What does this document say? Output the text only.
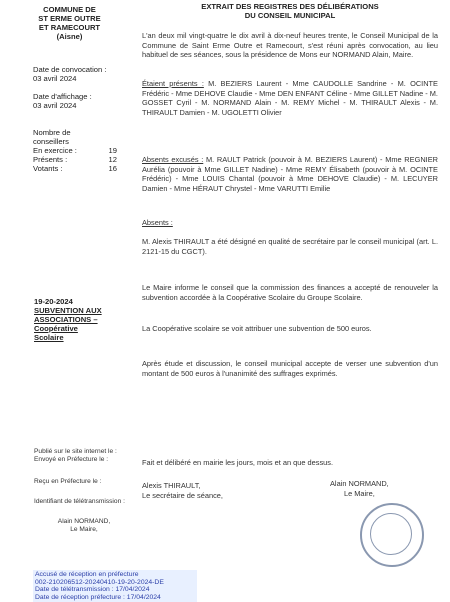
COMMUNE DE
ST ERME OUTRE
ET RAMECOURT
(Aisne)
Date de convocation :
03 avril 2024
Date d'affichage :
03 avril 2024
Nombre de
conseillers
En exercice :	19
Présents :	12
Votants :	16
EXTRAIT DES REGISTRES DES DÉLIBÉRATIONS
DU CONSEIL MUNICIPAL
L'an deux mil vingt-quatre le dix avril à dix-neuf heures trente, le Conseil Municipal de la Commune de Saint Erme Outre et Ramecourt, s'est réuni après convocation, au lieu habituel de ses séances, sous la présidence de Mons eur NORMAND Alain, Maire.
Étaient présents : M. BEZIERS Laurent - Mme CAUDOLLE Sandrine - M. OCINTE Frédéric - Mme DEHOVE Claudie - Mme DEN ENFANT Céline - Mme GILLET Nadine - M. GOSSET Cyril - M. NORMAND Alain - M. REMY Michel - M. THIRAULT Alexis - M. THIRAULT Damien - M. UGOLETTI Olivier
Absents excusés : M. RAULT Patrick (pouvoir à M. BEZIERS Laurent) - Mme REGNIER Aurélia (pouvoir à Mme GILLET Nadine) - Mme REMY Élisabeth (pouvoir à M. OCINTE Frédéric) - Mme LOUIS Chantal (pouvoir à Mme DEHOVE Claudie) - M. LECUYER Damien - Mme HÉRAUT Chrystel - Mme VARUTTI Emilie
Absents :
M. Alexis THIRAULT a été désigné en qualité de secrétaire par le conseil municipal (art. L. 2121-15 du CGCT).
19-20-2024
SUBVENTION AUX
ASSOCIATIONS –
Coopérative
Scolaire
Le Maire informe le conseil que la commission des finances a accepté de renouveler la subvention accordée à la Coopérative Scolaire du Groupe Scolaire.
La Coopérative scolaire se voit attribuer une subvention de 500 euros.
Après étude et discussion, le conseil municipal accepte de verser une subvention d'un montant de 500 euros à l'unanimité des suffrages exprimés.
Publié sur le site internet le :
Envoyé en Préfecture le :
Reçu en Préfecture le :
Identifiant de télétransmission :
Alain NORMAND,
Le Maire,
Fait et délibéré en mairie les jours, mois et an que dessus.
Alexis THIRAULT,
Le secrétaire de séance,
Alain NORMAND,
Le Maire,
Accusé de réception en préfecture
002-210206512-20240410-19-20-2024-DE
Date de télétransmission : 17/04/2024
Date de réception préfecture : 17/04/2024
